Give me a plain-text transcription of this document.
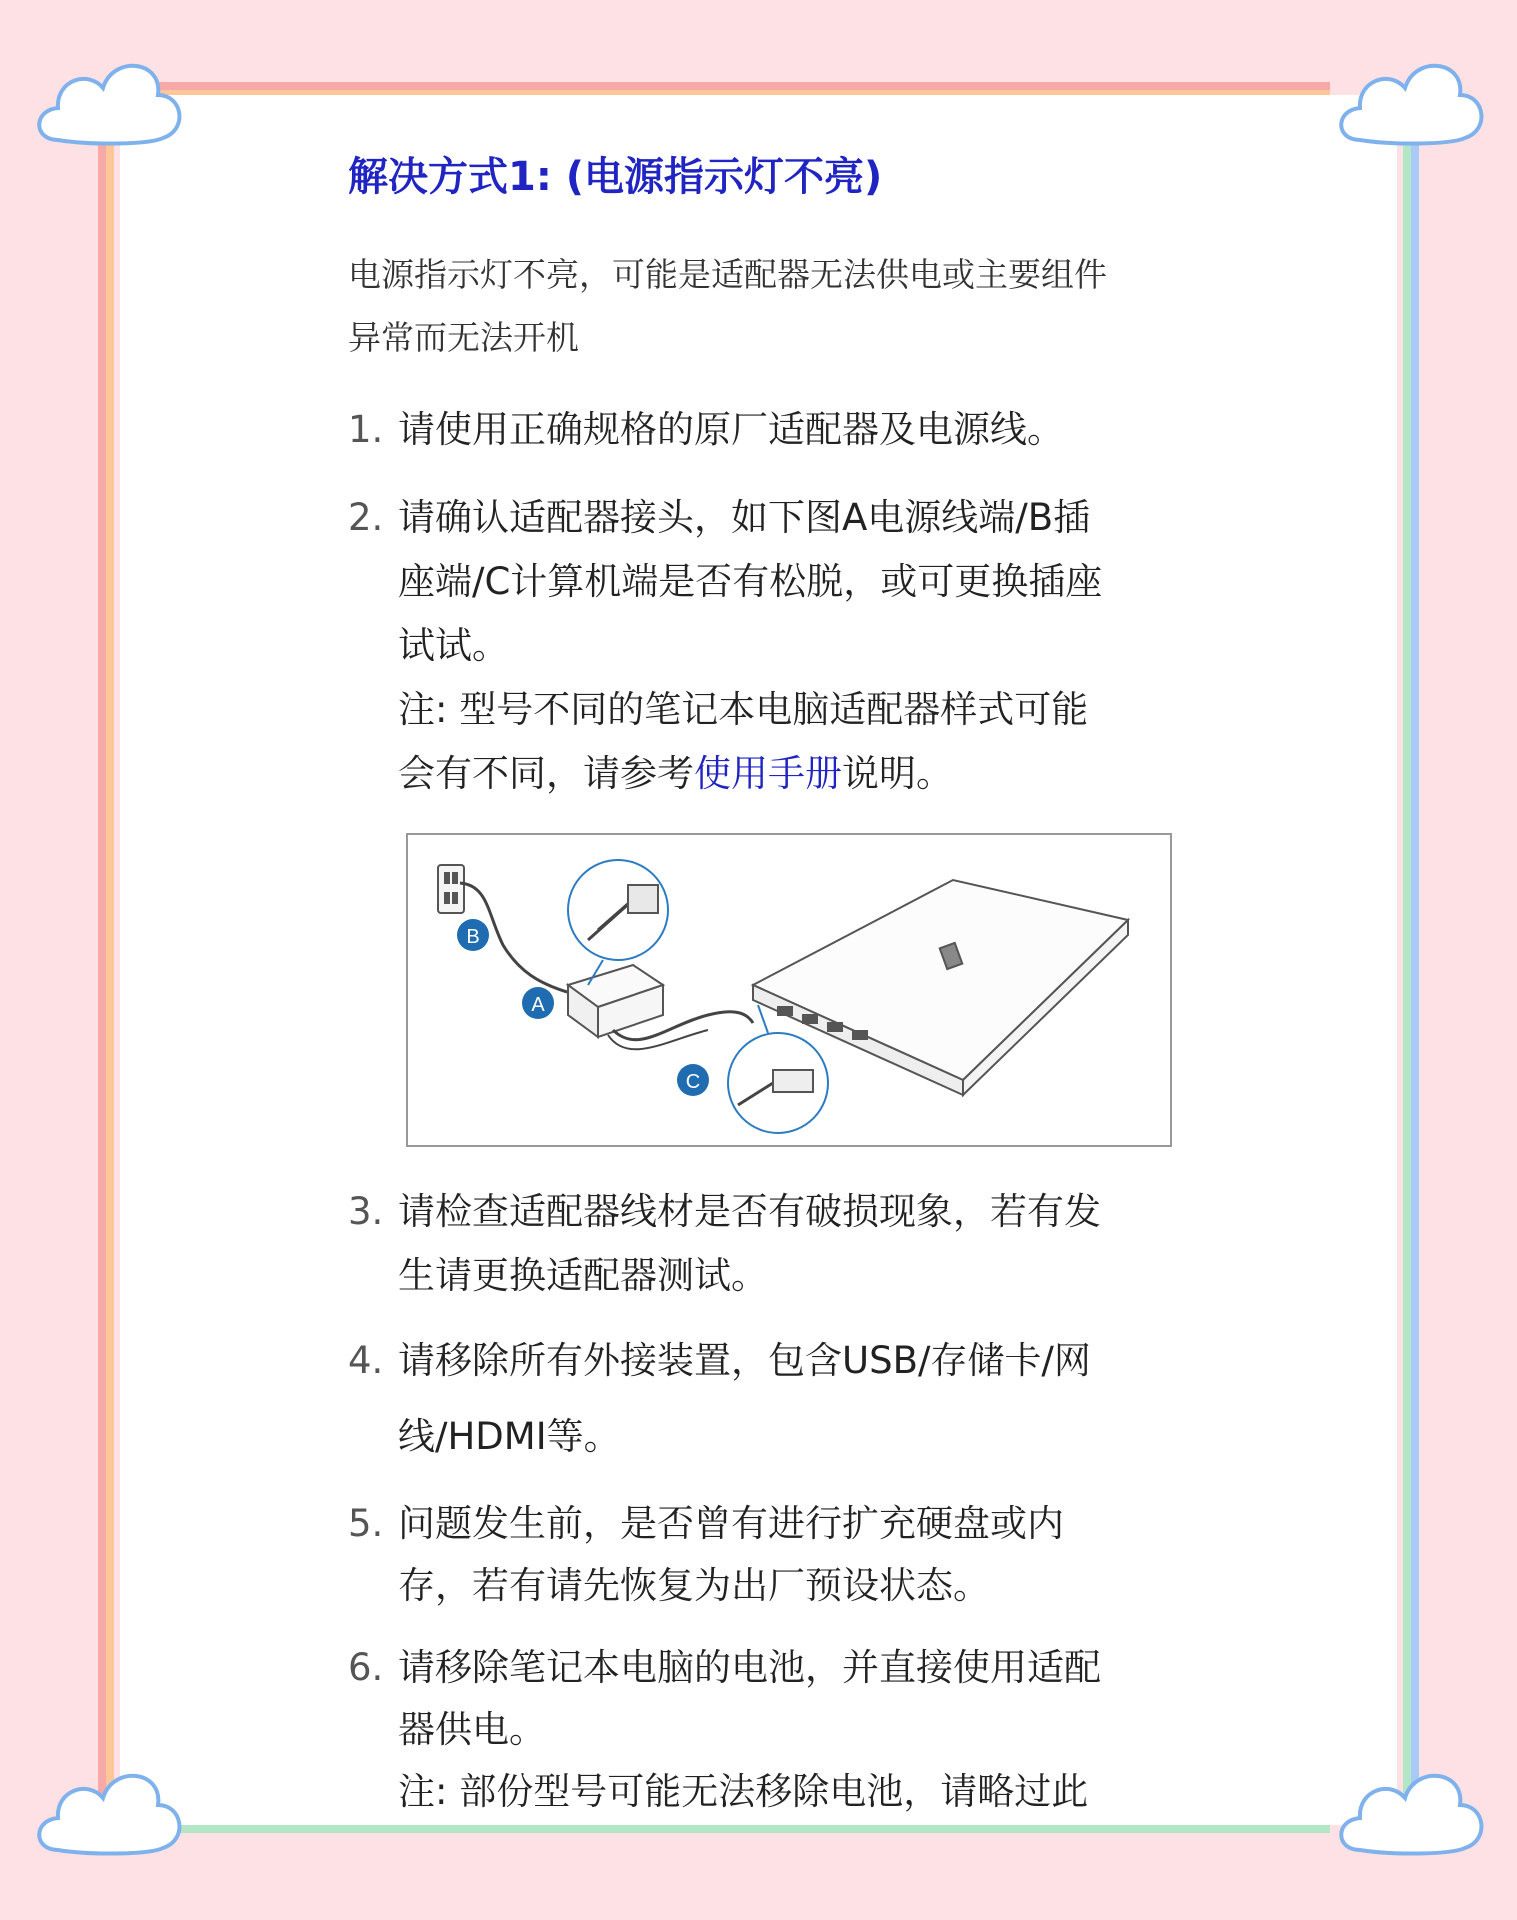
解决方式1: (电源指示灯不亮)
电源指示灯不亮，可能是适配器无法供电或主要组件
异常而无法开机
1. 请使用正确规格的原厂适配器及电源线。
2. 请确认适配器接头，如下图A电源线端/B插
座端/C计算机端是否有松脱，或可更换插座
试试。
注: 型号不同的笔记本电脑适配器样式可能
会有不同，请参考使用手册说明。
B
A
C
3. 请检查适配器线材是否有破损现象，若有发
生请更换适配器测试。
4. 请移除所有外接装置，包含USB/存储卡/网
线/HDMI等。
5. 问题发生前，是否曾有进行扩充硬盘或内
存，若有请先恢复为出厂预设状态。
6. 请移除笔记本电脑的电池，并直接使用适配
器供电。
注: 部份型号可能无法移除电池，请略过此
